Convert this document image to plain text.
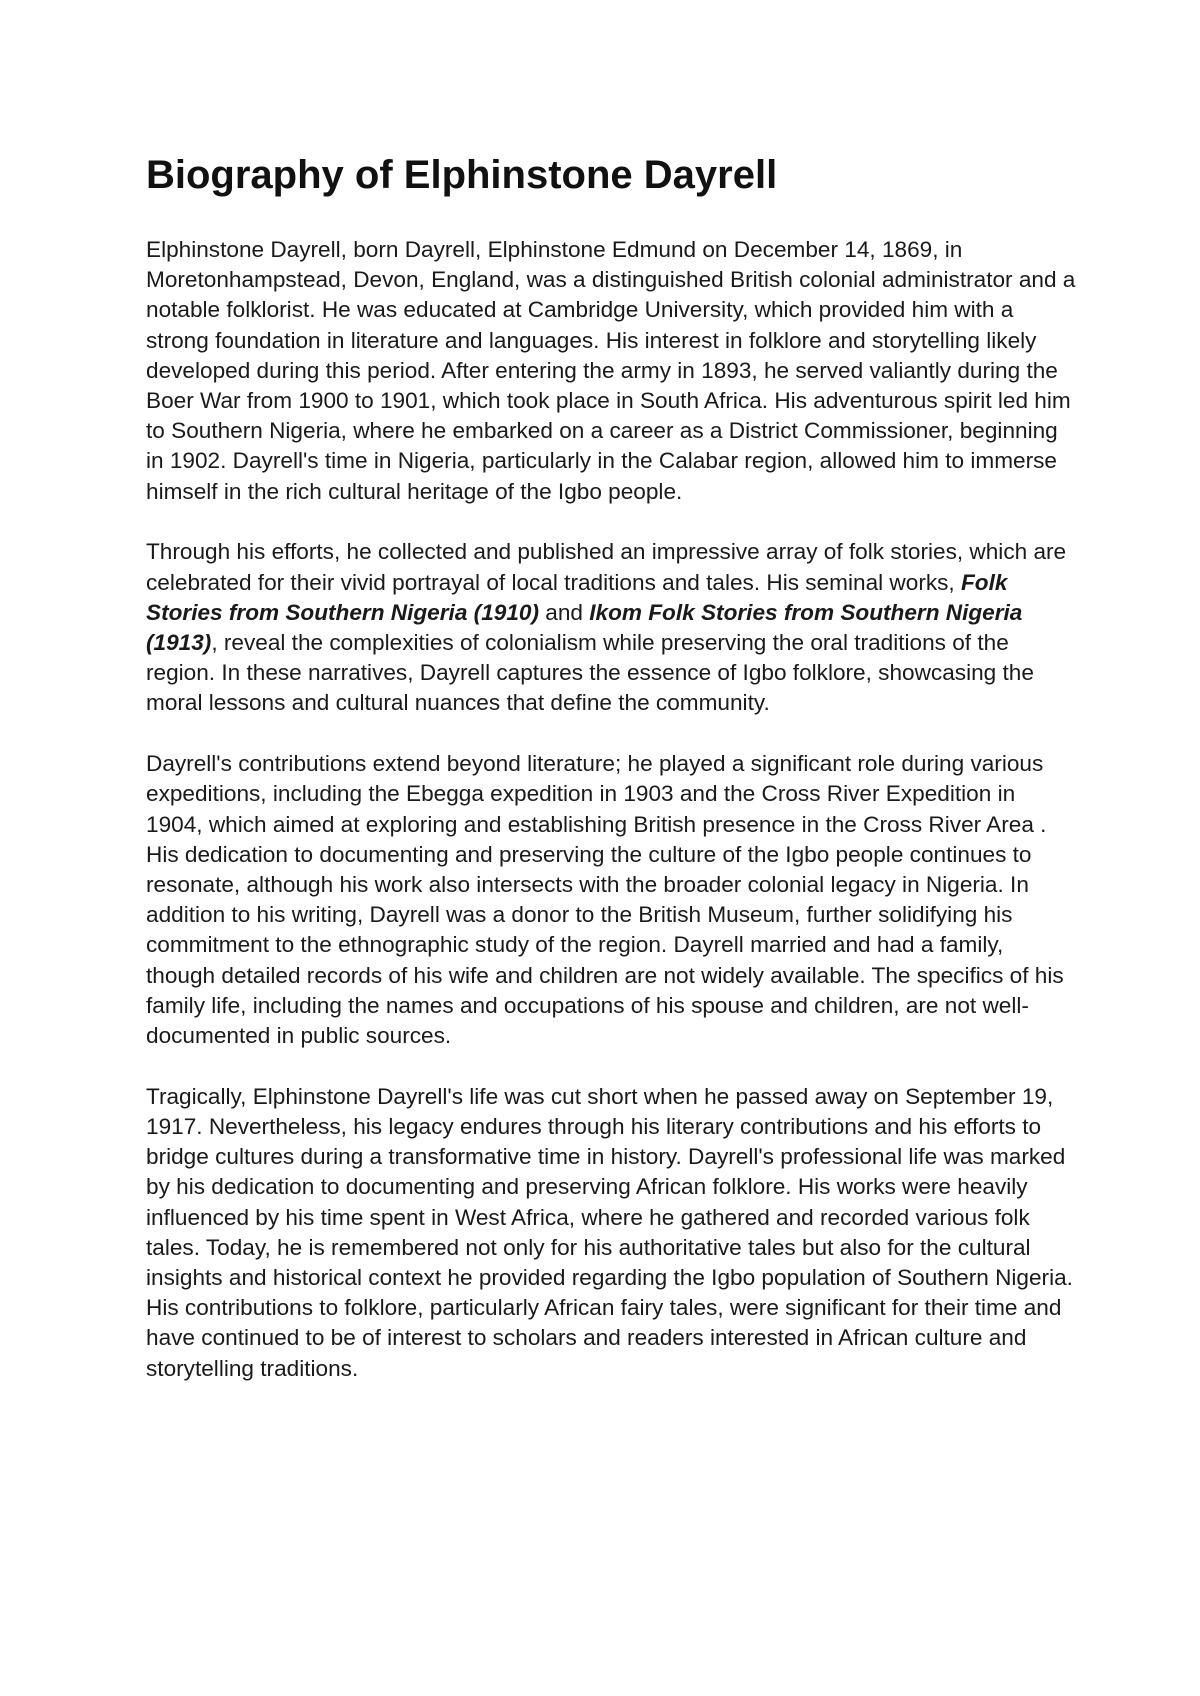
Biography of Elphinstone Dayrell

Elphinstone Dayrell, born Dayrell, Elphinstone Edmund on December 14, 1869, in Moretonhampstead, Devon, England, was a distinguished British colonial administrator and a notable folklorist. He was educated at Cambridge University, which provided him with a strong foundation in literature and languages. His interest in folklore and storytelling likely developed during this period. After entering the army in 1893, he served valiantly during the Boer War from 1900 to 1901, which took place in South Africa. His adventurous spirit led him to Southern Nigeria, where he embarked on a career as a District Commissioner, beginning in 1902. Dayrell's time in Nigeria, particularly in the Calabar region, allowed him to immerse himself in the rich cultural heritage of the Igbo people.

Through his efforts, he collected and published an impressive array of folk stories, which are celebrated for their vivid portrayal of local traditions and tales. His seminal works, Folk Stories from Southern Nigeria (1910) and Ikom Folk Stories from Southern Nigeria (1913), reveal the complexities of colonialism while preserving the oral traditions of the region. In these narratives, Dayrell captures the essence of Igbo folklore, showcasing the moral lessons and cultural nuances that define the community.

Dayrell's contributions extend beyond literature; he played a significant role during various expeditions, including the Ebegga expedition in 1903 and the Cross River Expedition in 1904, which aimed at exploring and establishing British presence in the Cross River Area . His dedication to documenting and preserving the culture of the Igbo people continues to resonate, although his work also intersects with the broader colonial legacy in Nigeria. In addition to his writing, Dayrell was a donor to the British Museum, further solidifying his commitment to the ethnographic study of the region. Dayrell married and had a family, though detailed records of his wife and children are not widely available. The specifics of his family life, including the names and occupations of his spouse and children, are not well-documented in public sources.

Tragically, Elphinstone Dayrell's life was cut short when he passed away on September 19, 1917. Nevertheless, his legacy endures through his literary contributions and his efforts to bridge cultures during a transformative time in history. Dayrell's professional life was marked by his dedication to documenting and preserving African folklore. His works were heavily influenced by his time spent in West Africa, where he gathered and recorded various folk tales. Today, he is remembered not only for his authoritative tales but also for the cultural insights and historical context he provided regarding the Igbo population of Southern Nigeria. His contributions to folklore, particularly African fairy tales, were significant for their time and have continued to be of interest to scholars and readers interested in African culture and storytelling traditions.
